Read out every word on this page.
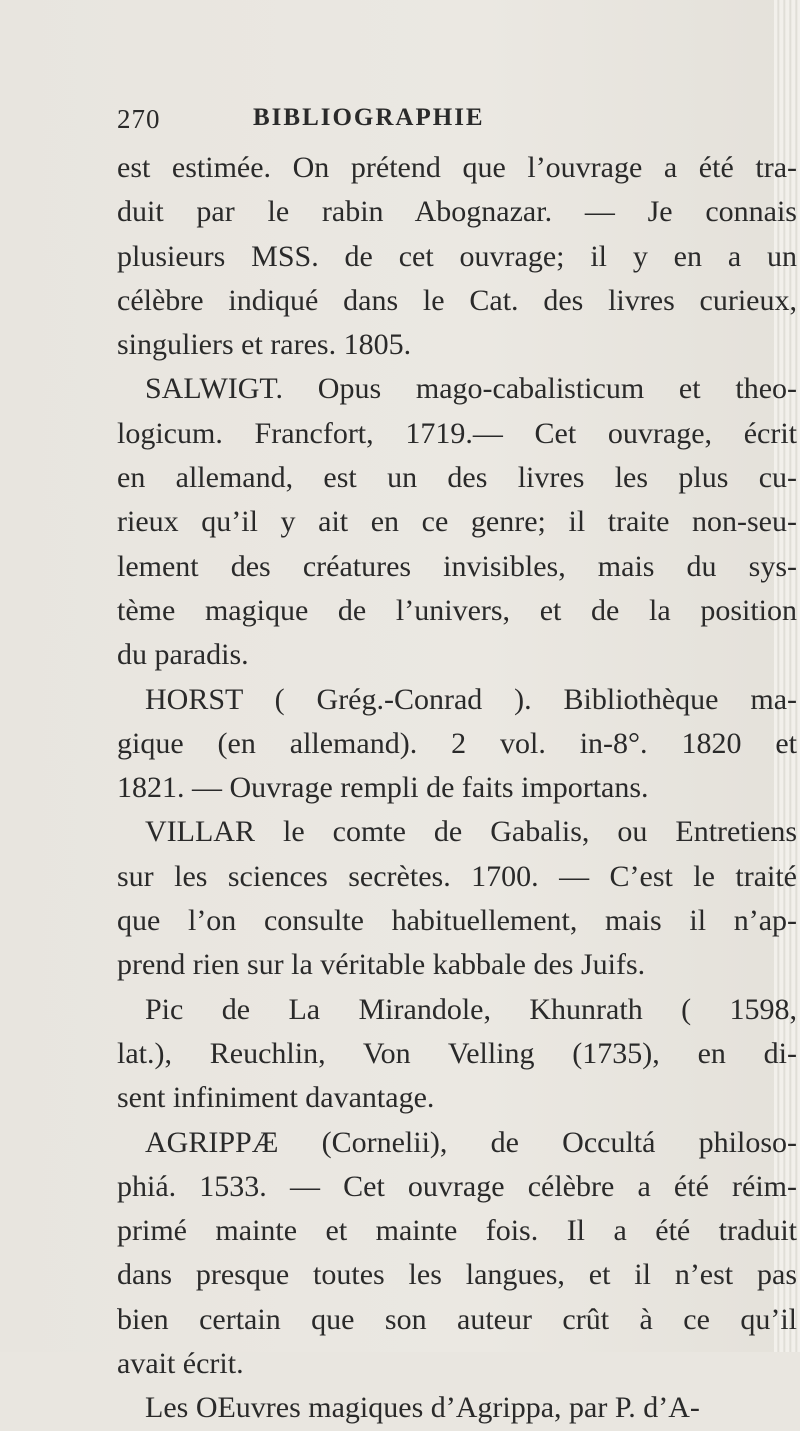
270	BIBLIOGRAPHIE
est estimée. On prétend que l’ouvrage a été tra-
duit par le rabin Abognazar. — Je connais
plusieurs MSS. de cet ouvrage; il y en a un
célèbre indiqué dans le Cat. des livres curieux,
singuliers et rares. 1805.
SALWIGT. Opus mago-cabalisticum et theo-
logicum. Francfort, 1719.— Cet ouvrage, écrit
en allemand, est un des livres les plus cu-
rieux qu’il y ait en ce genre; il traite non-seu-
lement des créatures invisibles, mais du sys-
tème magique de l’univers, et de la position
du paradis.
HORST ( Grég.-Conrad ). Bibliothèque ma-
gique (en allemand). 2 vol. in-8°. 1820 et
1821. — Ouvrage rempli de faits importans.
VILLAR le comte de Gabalis, ou Entretiens
sur les sciences secrètes. 1700. — C’est le traité
que l’on consulte habituellement, mais il n’ap-
prend rien sur la véritable kabbale des Juifs.
Pic de La Mirandole, Khunrath ( 1598,
lat.), Reuchlin, Von Velling (1735), en di-
sent infiniment davantage.
AGRIPPÆ (Cornelii), de Occultá philoso-
phiá. 1533. — Cet ouvrage célèbre a été réim-
primé mainte et mainte fois. Il a été traduit
dans presque toutes les langues, et il n’est pas
bien certain que son auteur crût à ce qu’il
avait écrit.
Les OEuvres magiques d’Agrippa, par P. d’A-
